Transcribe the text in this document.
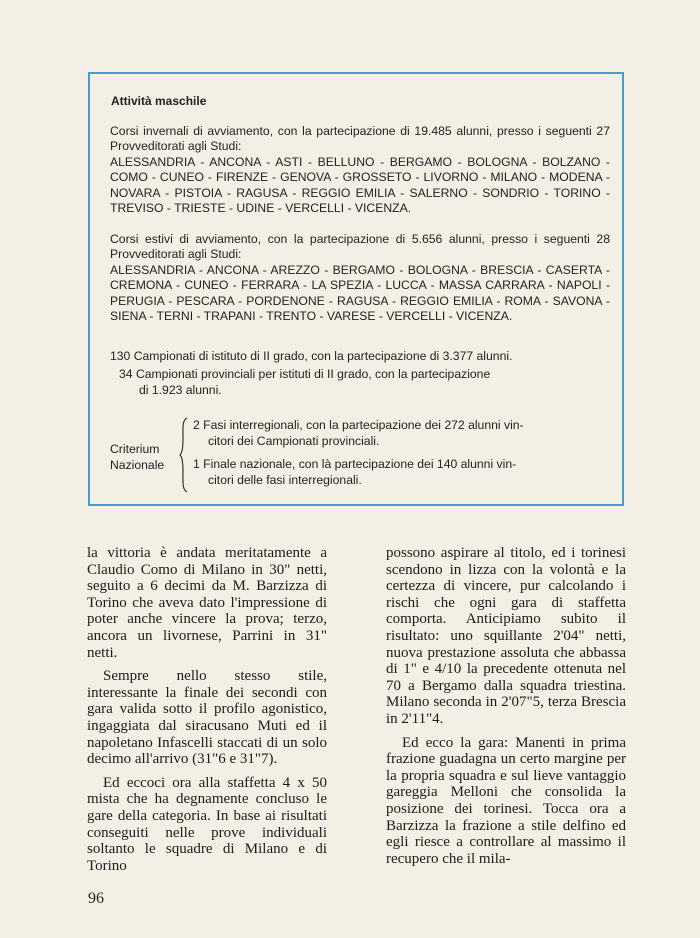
Attività maschile
Corsi invernali di avviamento, con la partecipazione di 19.485 alunni, presso i seguenti 27 Provveditorati agli Studi:
ALESSANDRIA - ANCONA - ASTI - BELLUNO - BERGAMO - BOLOGNA - BOLZANO - COMO - CUNEO - FIRENZE - GENOVA - GROSSETO - LIVORNO - MILANO - MODENA - NOVARA - PISTOIA - RAGUSA - REGGIO EMILIA - SALERNO - SONDRIO - TORINO - TREVISO - TRIESTE - UDINE - VERCELLI - VICENZA.
Corsi estivi di avviamento, con la partecipazione di 5.656 alunni, presso i seguenti 28 Provveditorati agli Studi:
ALESSANDRIA - ANCONA - AREZZO - BERGAMO - BOLOGNA - BRESCIA - CASERTA - CREMONA - CUNEO - FERRARA - LA SPEZIA - LUCCA - MASSA CARRARA - NAPOLI - PERUGIA - PESCARA - PORDENONE - RAGUSA - REGGIO EMILIA - ROMA - SAVONA - SIENA - TERNI - TRAPANI - TRENTO - VARESE - VERCELLI - VICENZA.
130 Campionati di istituto di II grado, con la partecipazione di 3.377 alunni.
34 Campionati provinciali per istituti di II grado, con la partecipazione
di 1.923 alunni.
Criterium
Nazionale
2 Fasi interregionali, con la partecipazione dei 272 alunni vin-
citori dei Campionati provinciali.
1 Finale nazionale, con là partecipazione dei 140 alunni vin-
citori delle fasi interregionali.

la vittoria è andata meritatamente a Claudio Como di Milano in 30" netti, seguito a 6 decimi da M. Barzizza di Torino che aveva dato l'impressione di poter anche vincere la prova; terzo, ancora un livornese, Parrini in 31" netti.

Sempre nello stesso stile, interessante la finale dei secondi con gara valida sotto il profilo agonistico, ingaggiata dal siracusano Muti ed il napoletano Infascelli staccati di un solo decimo all'arrivo (31"6 e 31"7).

Ed eccoci ora alla staffetta 4 x 50 mista che ha degnamente concluso le gare della categoria. In base ai risultati conseguiti nelle prove individuali soltanto le squadre di Milano e di Torino

possono aspirare al titolo, ed i torinesi scendono in lizza con la volontà e la certezza di vincere, pur calcolando i rischi che ogni gara di staffetta comporta. Anticipiamo subito il risultato: uno squillante 2'04" netti, nuova prestazione assoluta che abbassa di 1" e 4/10 la precedente ottenuta nel 70 a Bergamo dalla squadra triestina. Milano seconda in 2'07"5, terza Brescia in 2'11"4.

Ed ecco la gara: Manenti in prima frazione guadagna un certo margine per la propria squadra e sul lieve vantaggio gareggia Melloni che consolida la posizione dei torinesi. Tocca ora a Barzizza la frazione a stile delfino ed egli riesce a controllare al massimo il recupero che il mila-

96
